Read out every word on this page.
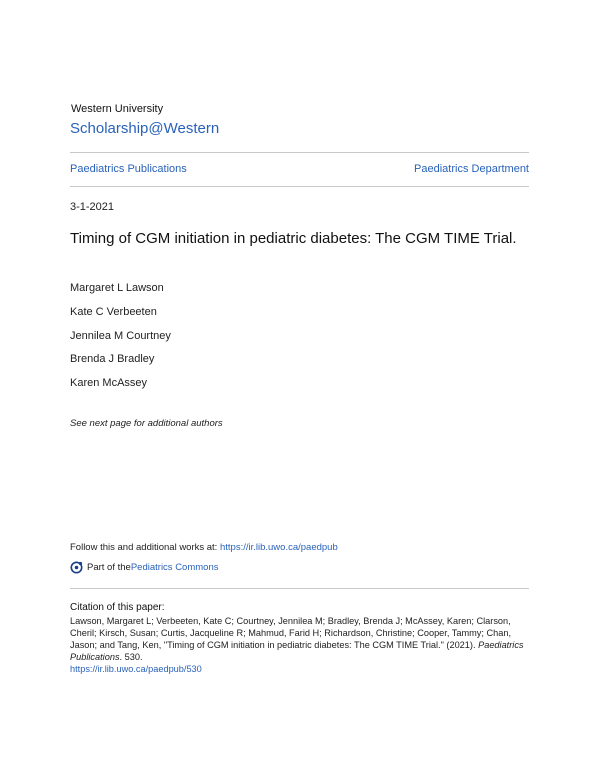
Western University
Scholarship@Western
Paediatrics Publications	Paediatrics Department
3-1-2021
Timing of CGM initiation in pediatric diabetes: The CGM TIME Trial.
Margaret L Lawson
Kate C Verbeeten
Jennilea M Courtney
Brenda J Bradley
Karen McAssey
See next page for additional authors
Follow this and additional works at: https://ir.lib.uwo.ca/paedpub
Part of the Pediatrics Commons
Citation of this paper:
Lawson, Margaret L; Verbeeten, Kate C; Courtney, Jennilea M; Bradley, Brenda J; McAssey, Karen; Clarson, Cheril; Kirsch, Susan; Curtis, Jacqueline R; Mahmud, Farid H; Richardson, Christine; Cooper, Tammy; Chan, Jason; and Tang, Ken, "Timing of CGM initiation in pediatric diabetes: The CGM TIME Trial." (2021). Paediatrics Publications. 530.
https://ir.lib.uwo.ca/paedpub/530
